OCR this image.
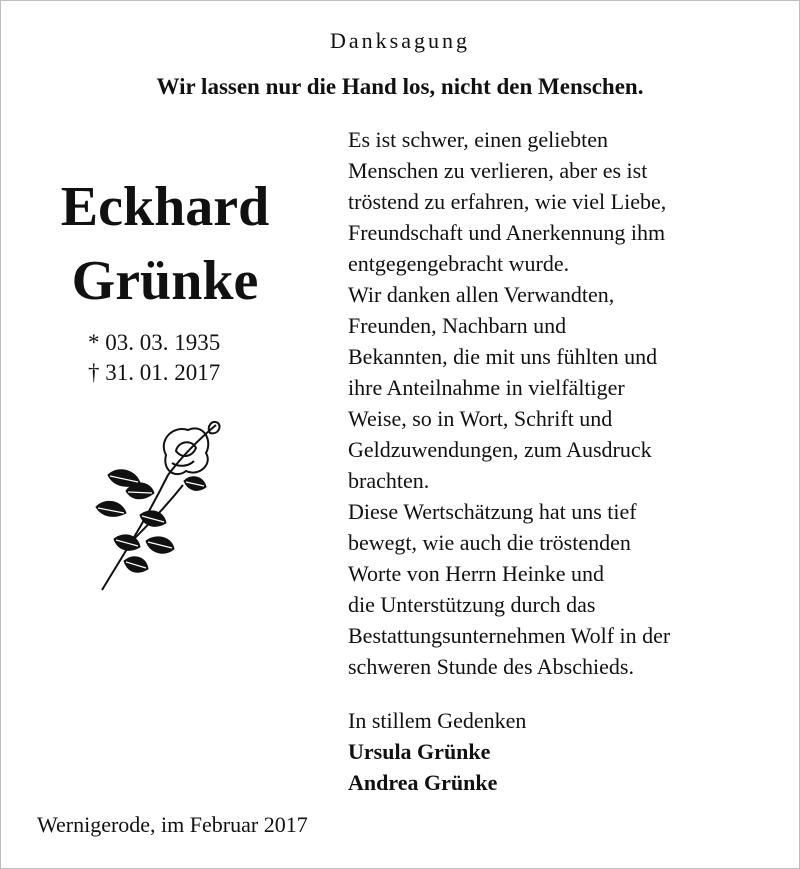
Danksagung
Wir lassen nur die Hand los, nicht den Menschen.
Eckhard
Grünke
* 03. 03. 1935
† 31. 01. 2017

Es ist schwer, einen geliebten

Menschen zu verlieren, aber es ist

tröstend zu erfahren, wie viel Liebe,

Freundschaft und Anerkennung ihm

entgegengebracht wurde.

Wir danken allen Verwandten,

Freunden, Nachbarn und

Bekannten, die mit uns fühlten und

ihre Anteilnahme in vielfältiger

Weise, so in Wort, Schrift und

Geldzuwendungen, zum Ausdruck

brachten.

Diese Wertschätzung hat uns tief

bewegt, wie auch die tröstenden

Worte von Herrn Heinke und

die Unterstützung durch das

Bestattungsunternehmen Wolf in der

schweren Stunde des Abschieds.

In stillem Gedenken
Ursula Grünke
Andrea Grünke
Wernigerode, im Februar 2017
